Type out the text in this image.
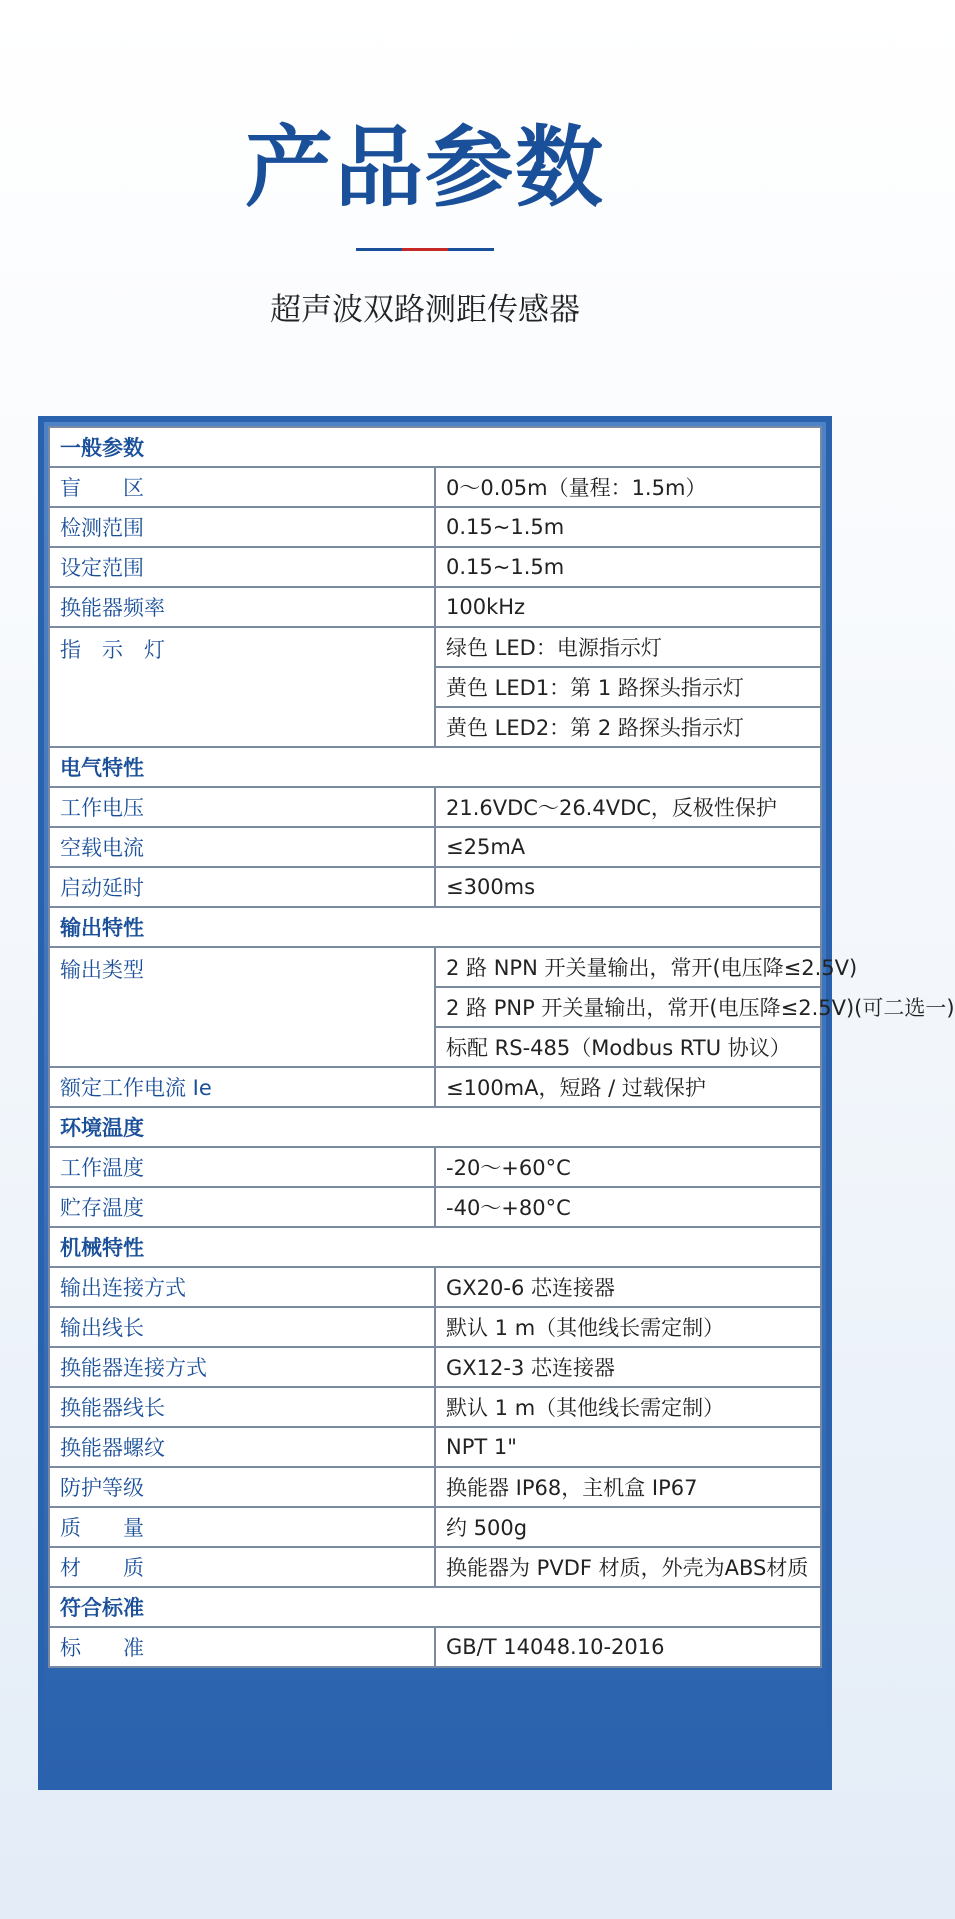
产品参数
超声波双路测距传感器
一般参数	
盲　　区	0～0.05m（量程：1.5m）
检测范围	0.15~1.5m
设定范围	0.15~1.5m
换能器频率	100kHz
指　示　灯	绿色 LED：电源指示灯
	黄色 LED1：第 1 路探头指示灯
	黄色 LED2：第 2 路探头指示灯
电气特性	
工作电压	21.6VDC～26.4VDC，反极性保护
空载电流	≤25mA
启动延时	≤300ms
输出特性	
输出类型	2 路 NPN 开关量输出，常开(电压降≤2.5V)
	2 路 PNP 开关量输出，常开(电压降≤2.5V)(可二选一)
	标配 RS-485（Modbus RTU 协议）
额定工作电流 Ie	≤100mA，短路 / 过载保护
环境温度	
工作温度	-20～+60°C
贮存温度	-40～+80°C
机械特性	
输出连接方式	GX20-6 芯连接器
输出线长	默认 1 m（其他线长需定制）
换能器连接方式	GX12-3 芯连接器
换能器线长	默认 1 m（其他线长需定制）
换能器螺纹	NPT 1"
防护等级	换能器 IP68，主机盒 IP67
质　　量	约 500g
材　　质	换能器为 PVDF 材质，外壳为ABS材质
符合标准	
标　　准	GB/T 14048.10-2016
